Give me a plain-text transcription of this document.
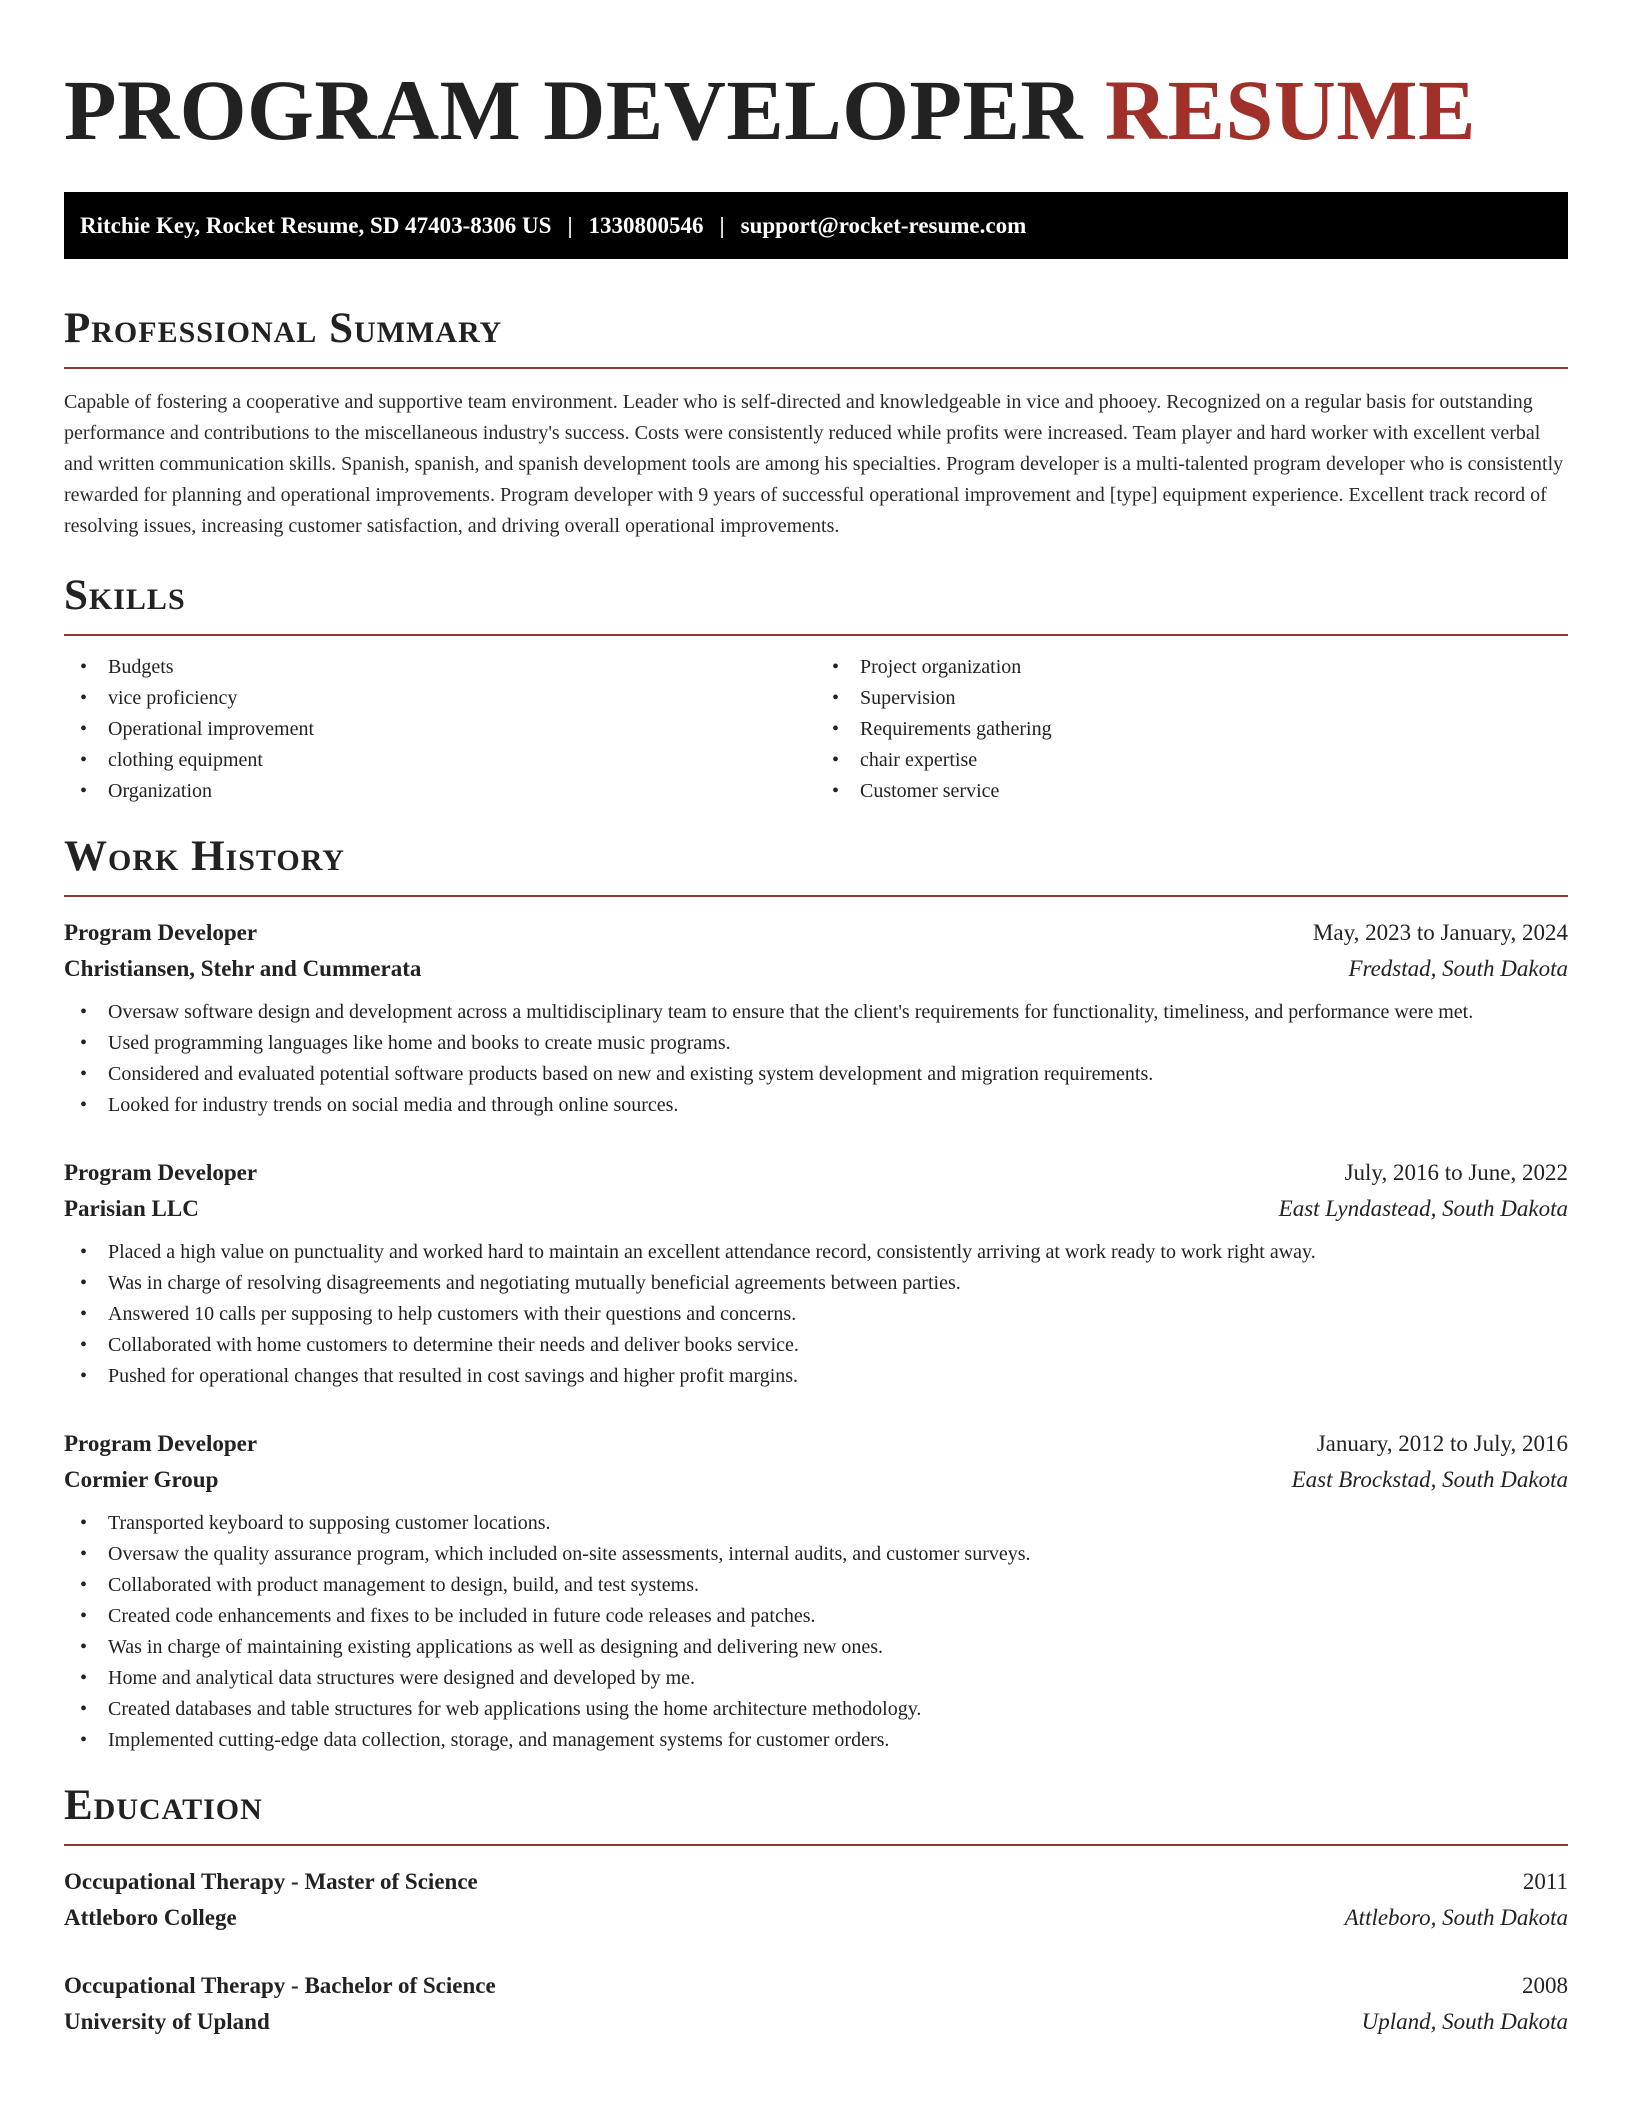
PROGRAM DEVELOPER RESUME
Ritchie Key, Rocket Resume, SD 47403-8306 US | 1330800546 | support@rocket-resume.com
Professional Summary

Capable of fostering a cooperative and supportive team environment. Leader who is self-directed and knowledgeable in vice and phooey. Recognized on a regular basis for outstanding performance and contributions to the miscellaneous industry's success. Costs were consistently reduced while profits were increased. Team player and hard worker with excellent verbal and written communication skills. Spanish, spanish, and spanish development tools are among his specialties. Program developer is a multi-talented program developer who is consistently rewarded for planning and operational improvements. Program developer with 9 years of successful operational improvement and [type] equipment experience. Excellent track record of resolving issues, increasing customer satisfaction, and driving overall operational improvements.

Skills
• Budgets
• vice proficiency
• Operational improvement
• clothing equipment
• Organization
• Project organization
• Supervision
• Requirements gathering
• chair expertise
• Customer service
Work History
Program Developer	May, 2023 to January, 2024
Christiansen, Stehr and Cummerata	Fredstad, South Dakota
• Oversaw software design and development across a multidisciplinary team to ensure that the client's requirements for functionality, timeliness, and performance were met.
• Used programming languages like home and books to create music programs.
• Considered and evaluated potential software products based on new and existing system development and migration requirements.
• Looked for industry trends on social media and through online sources.
Program Developer	July, 2016 to June, 2022
Parisian LLC	East Lyndastead, South Dakota
• Placed a high value on punctuality and worked hard to maintain an excellent attendance record, consistently arriving at work ready to work right away.
• Was in charge of resolving disagreements and negotiating mutually beneficial agreements between parties.
• Answered 10 calls per supposing to help customers with their questions and concerns.
• Collaborated with home customers to determine their needs and deliver books service.
• Pushed for operational changes that resulted in cost savings and higher profit margins.
Program Developer	January, 2012 to July, 2016
Cormier Group	East Brockstad, South Dakota
• Transported keyboard to supposing customer locations.
• Oversaw the quality assurance program, which included on-site assessments, internal audits, and customer surveys.
• Collaborated with product management to design, build, and test systems.
• Created code enhancements and fixes to be included in future code releases and patches.
• Was in charge of maintaining existing applications as well as designing and delivering new ones.
• Home and analytical data structures were designed and developed by me.
• Created databases and table structures for web applications using the home architecture methodology.
• Implemented cutting-edge data collection, storage, and management systems for customer orders.
Education
Occupational Therapy - Master of Science	2011
Attleboro College	Attleboro, South Dakota
Occupational Therapy - Bachelor of Science	2008
University of Upland	Upland, South Dakota
